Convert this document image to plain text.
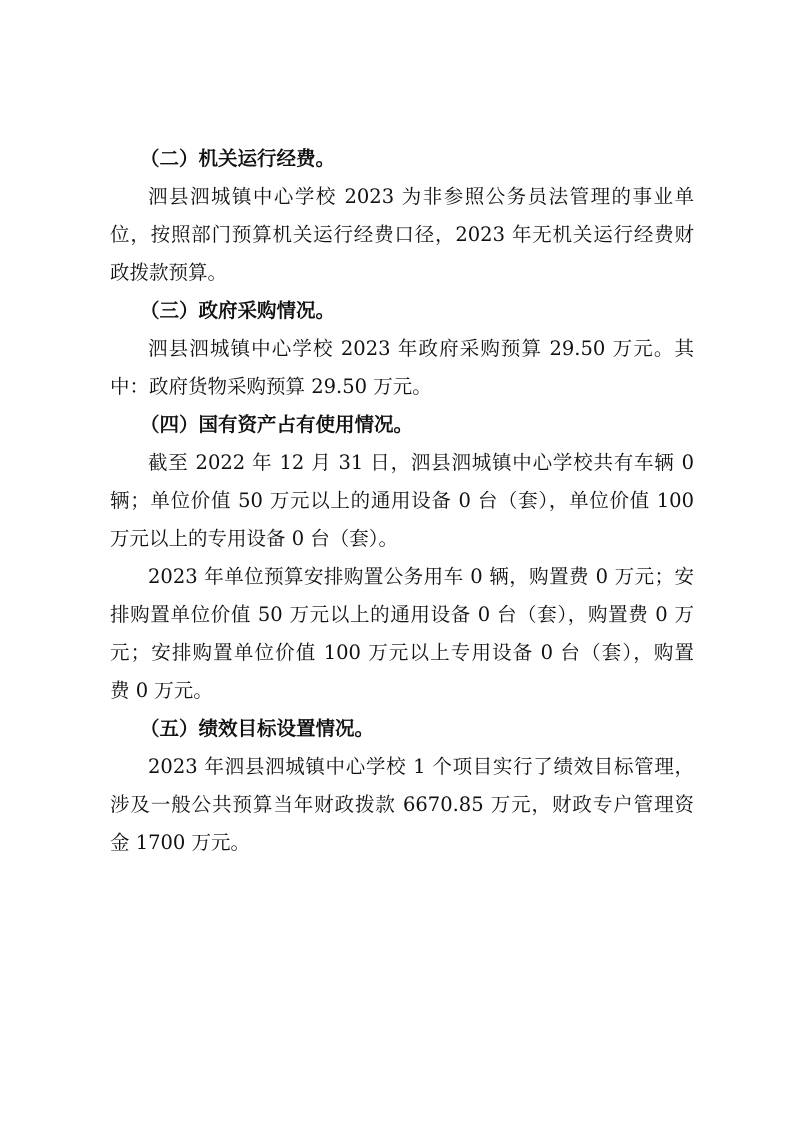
（二）机关运行经费。

泗县泗城镇中心学校 2023 为非参照公务员法管理的事业单
位，按照部门预算机关运行经费口径，2023 年无机关运行经费财
政拨款预算。

（三）政府采购情况。

泗县泗城镇中心学校 2023 年政府采购预算 29.50 万元。其
中：政府货物采购预算 29.50 万元。

（四）国有资产占有使用情况。

截至 2022 年 12 月 31 日，泗县泗城镇中心学校共有车辆 0
辆；单位价值 50 万元以上的通用设备 0 台（套），单位价值 100
万元以上的专用设备 0 台（套）。

2023 年单位预算安排购置公务用车 0 辆，购置费 0 万元；安
排购置单位价值 50 万元以上的通用设备 0 台（套），购置费 0 万
元；安排购置单位价值 100 万元以上专用设备 0 台（套），购置
费 0 万元。

（五）绩效目标设置情况。

2023 年泗县泗城镇中心学校 1 个项目实行了绩效目标管理，
涉及一般公共预算当年财政拨款 6670.85 万元，财政专户管理资
金 1700 万元。
